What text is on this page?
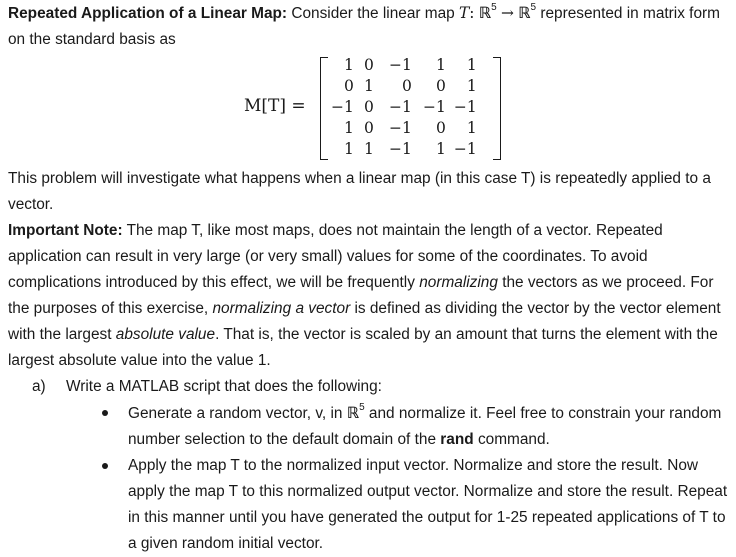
Repeated Application of a Linear Map: Consider the linear map T: ℝ$^5$ → ℝ$^5$ represented in matrix form on the standard basis as

M[T] =
1	0	−1	1	1
0	1	0	0	1
−1	0	−1	−1	−1
1	0	−1	0	1
1	1	−1	1	−1

This problem will investigate what happens when a linear map (in this case T) is repeatedly applied to a vector.

Important Note: The map T, like most maps, does not maintain the length of a vector. Repeated application can result in very large (or very small) values for some of the coordinates. To avoid complications introduced by this effect, we will be frequently normalizing the vectors as we proceed. For the purposes of this exercise, normalizing a vector is defined as dividing the vector by the vector element with the largest absolute value. That is, the vector is scaled by an amount that turns the element with the largest absolute value into the value 1.

a) Write a MATLAB script that does the following:

Generate a random vector, v, in ℝ$^5$ and normalize it. Feel free to constrain your random number selection to the default domain of the rand command.
Apply the map T to the normalized input vector. Normalize and store the result. Now apply the map T to this normalized output vector. Normalize and store the result. Repeat in this manner until you have generated the output for 1-25 repeated applications of T to a given random initial vector.
